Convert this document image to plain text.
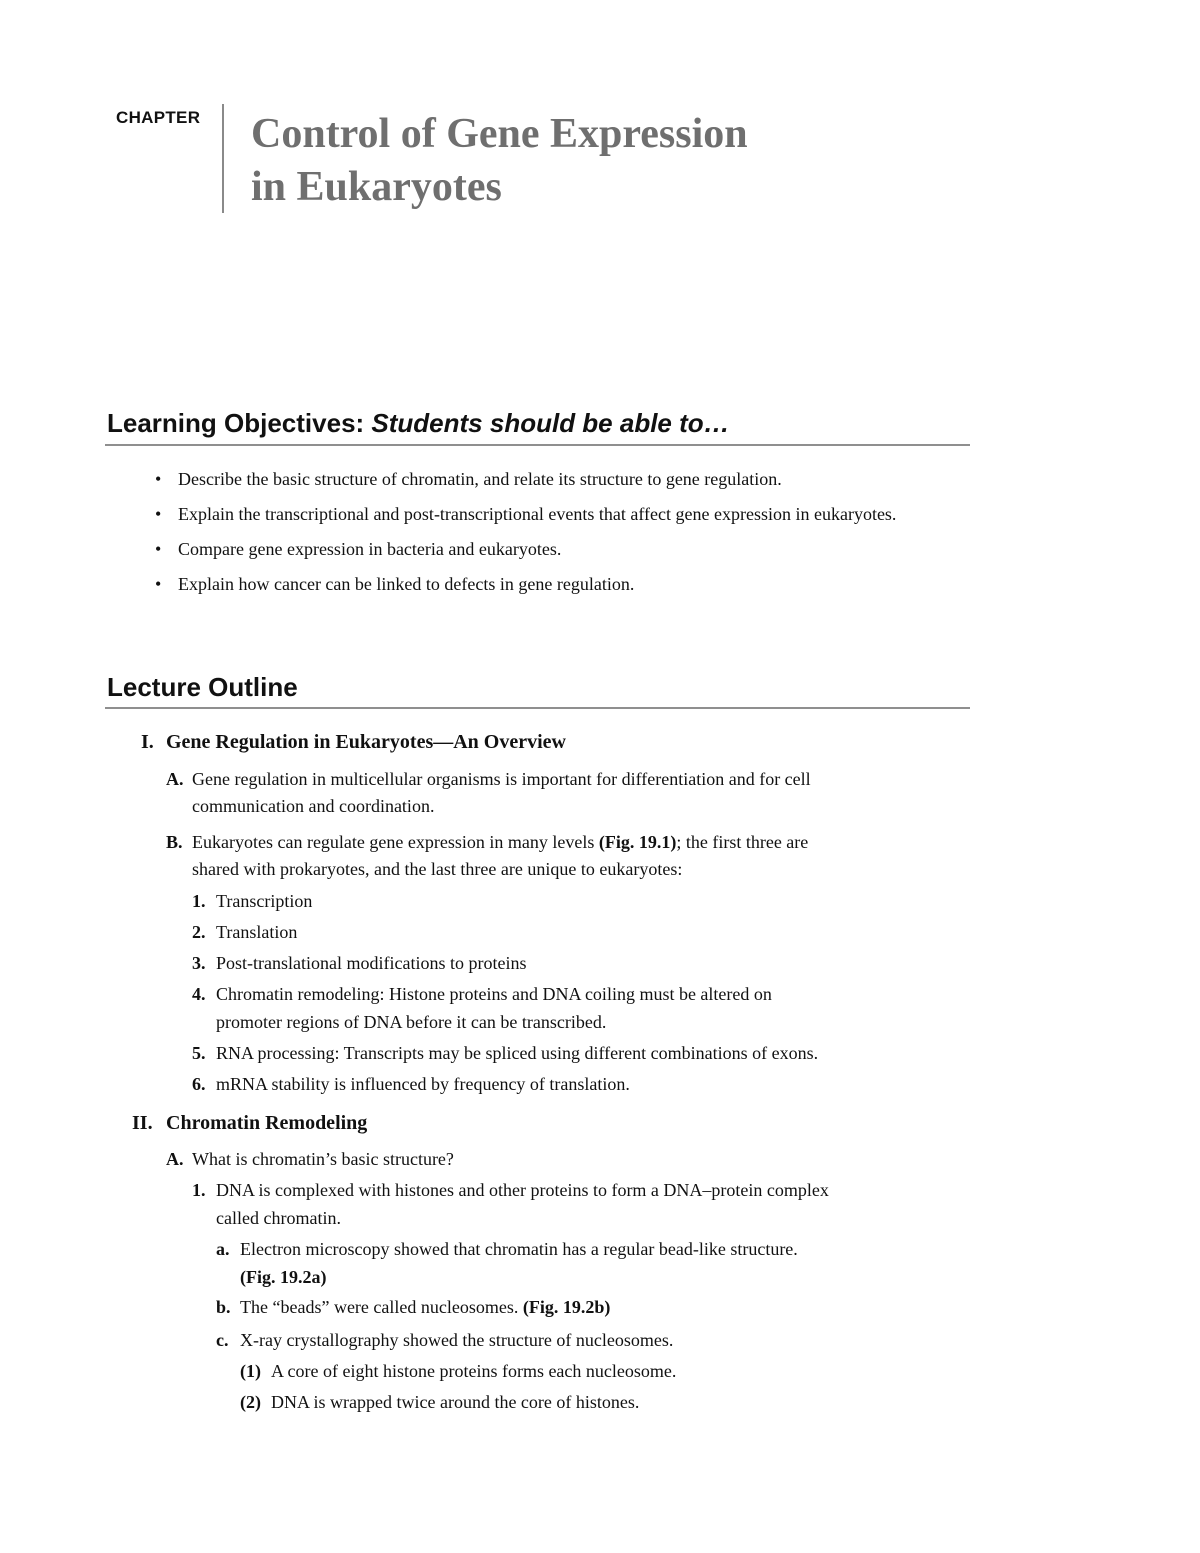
CHAPTER Control of Gene Expression
in Eukaryotes
Learning Objectives: Students should be able to…
• Describe the basic structure of chromatin, and relate its structure to gene regulation.
• Explain the transcriptional and post-transcriptional events that affect gene expression in eukaryotes.
• Compare gene expression in bacteria and eukaryotes.
• Explain how cancer can be linked to defects in gene regulation.
Lecture Outline
I. Gene Regulation in Eukaryotes—An Overview
A. Gene regulation in multicellular organisms is important for differentiation and for cell
communication and coordination.
B. Eukaryotes can regulate gene expression in many levels (Fig. 19.1); the first three are
shared with prokaryotes, and the last three are unique to eukaryotes:
1. Transcription
2. Translation
3. Post-translational modifications to proteins
4. Chromatin remodeling: Histone proteins and DNA coiling must be altered on
promoter regions of DNA before it can be transcribed.
5. RNA processing: Transcripts may be spliced using different combinations of exons.
6. mRNA stability is influenced by frequency of translation.
II. Chromatin Remodeling
A. What is chromatin’s basic structure?
1. DNA is complexed with histones and other proteins to form a DNA–protein complex
called chromatin.
a. Electron microscopy showed that chromatin has a regular bead-like structure.
(Fig. 19.2a)
b. The “beads” were called nucleosomes. (Fig. 19.2b)
c. X-ray crystallography showed the structure of nucleosomes.
(1) A core of eight histone proteins forms each nucleosome.
(2) DNA is wrapped twice around the core of histones.
